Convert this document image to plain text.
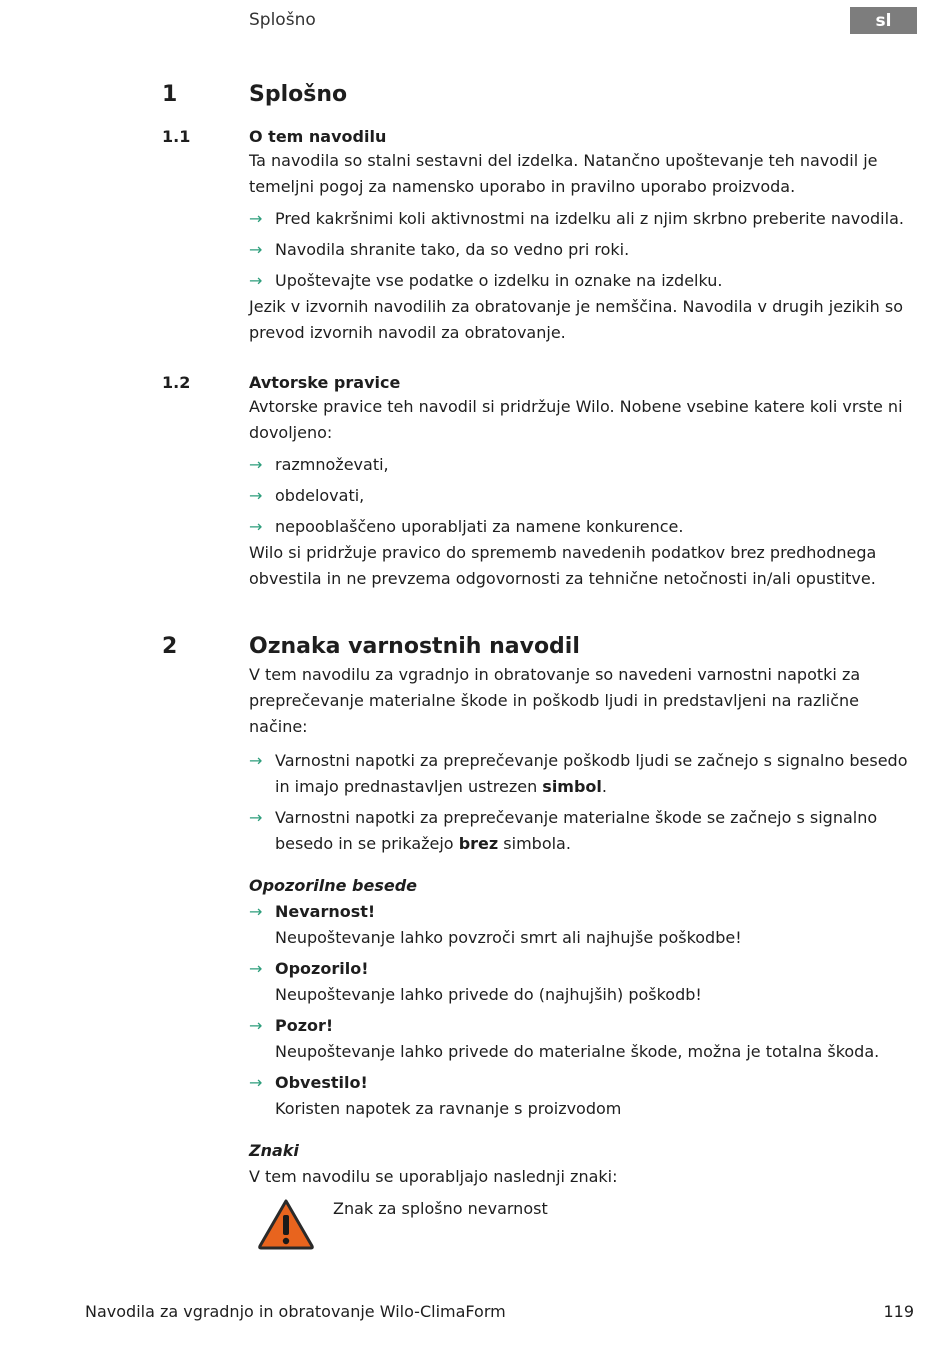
Splošno	sl
1	Splošno
1.1	O tem navodilu

Ta navodila so stalni sestavni del izdelka. Natančno upoštevanje teh navodil je temeljni pogoj za namensko uporabo in pravilno uporabo proizvoda.

→ Pred kakršnimi koli aktivnostmi na izdelku ali z njim skrbno preberite navodila.
→ Navodila shranite tako, da so vedno pri roki.
→ Upoštevajte vse podatke o izdelku in oznake na izdelku.

Jezik v izvornih navodilih za obratovanje je nemščina. Navodila v drugih jezikih so prevod izvornih navodil za obratovanje.

1.2	Avtorske pravice

Avtorske pravice teh navodil si pridržuje Wilo. Nobene vsebine katere koli vrste ni dovoljeno:

→ razmnoževati,
→ obdelovati,
→ nepooblaščeno uporabljati za namene konkurence.

Wilo si pridržuje pravico do sprememb navedenih podatkov brez predhodnega obvestila in ne prevzema odgovornosti za tehnične netočnosti in/ali opustitve.

2	Oznaka varnostnih navodil

V tem navodilu za vgradnjo in obratovanje so navedeni varnostni napotki za preprečevanje materialne škode in poškodb ljudi in predstavljeni na različne načine:

→ Varnostni napotki za preprečevanje poškodb ljudi se začnejo s signalno besedo in imajo prednastavljen ustrezen simbol.
→ Varnostni napotki za preprečevanje materialne škode se začnejo s signalno besedo in se prikažejo brez simbola.
Opozorilne besede
→ Nevarnost!
Neupoštevanje lahko povzroči smrt ali najhujše poškodbe!
→ Opozorilo!
Neupoštevanje lahko privede do (najhujših) poškodb!
→ Pozor!
Neupoštevanje lahko privede do materialne škode, možna je totalna škoda.
→ Obvestilo!
Koristen napotek za ravnanje s proizvodom
Znaki

V tem navodilu se uporabljajo naslednji znaki:

Znak za splošno nevarnost

Navodila za vgradnjo in obratovanje Wilo-ClimaForm	119
